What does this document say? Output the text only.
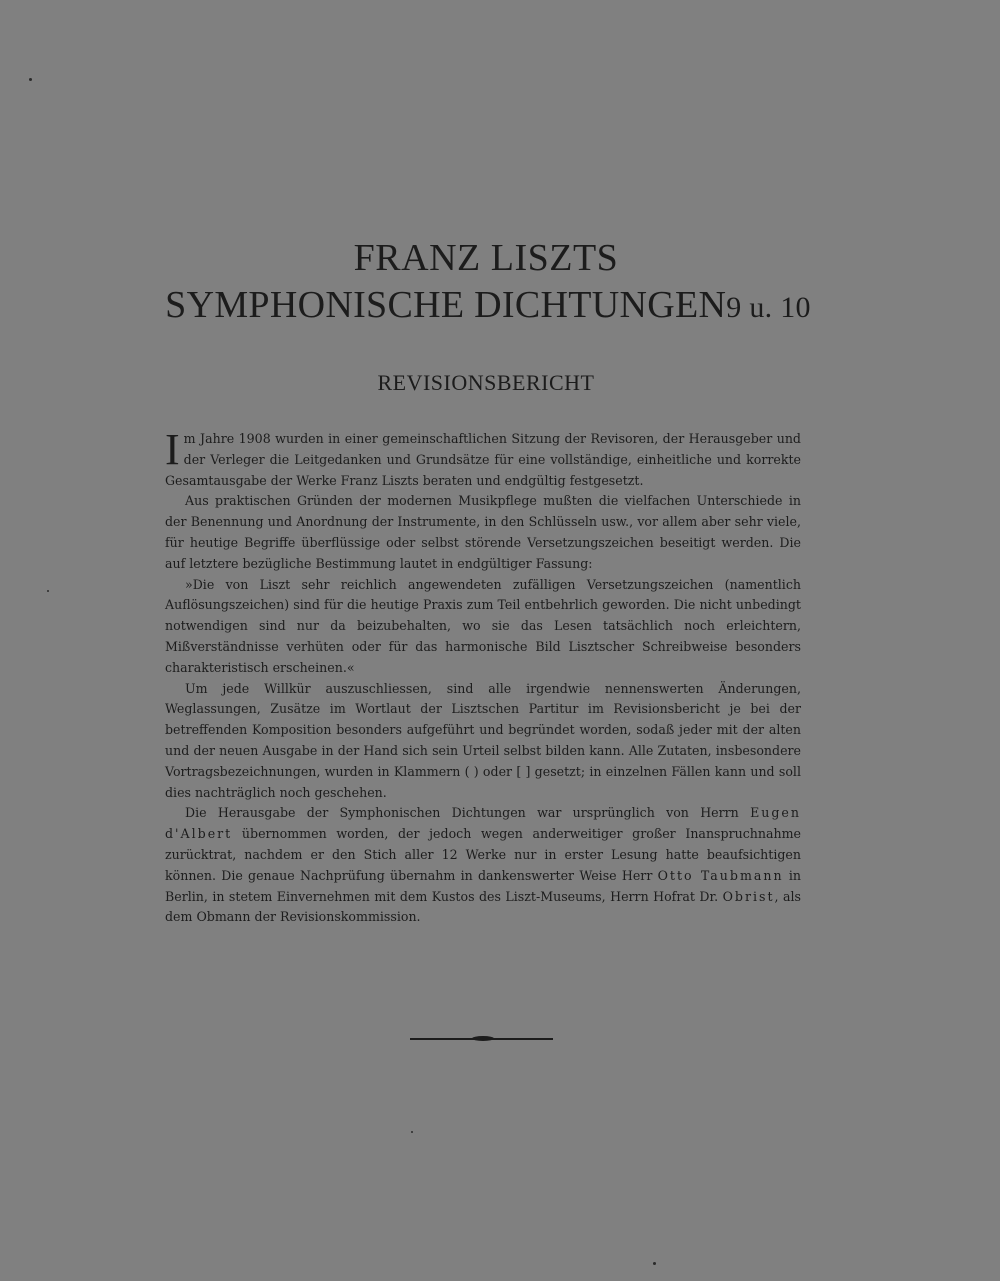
FRANZ LISZTS
SYMPHONISCHE DICHTUNGEN9 u. 10
REVISIONSBERICHT

Im Jahre 1908 wurden in einer gemeinschaftlichen Sitzung der Revisoren, der Herausgeber und der Verleger die Leitgedanken und Grundsätze für eine vollständige, einheitliche und korrekte Gesamtausgabe der Werke Franz Liszts beraten und endgültig festgesetzt.

Aus praktischen Gründen der modernen Musikpflege mußten die vielfachen Unterschiede in der Benennung und Anordnung der Instrumente, in den Schlüsseln usw., vor allem aber sehr viele, für heutige Begriffe überflüssige oder selbst störende Versetzungszeichen beseitigt werden. Die auf letztere bezügliche Bestimmung lautet in endgültiger Fassung:

»Die von Liszt sehr reichlich angewendeten zufälligen Versetzungszeichen (namentlich Auflösungszeichen) sind für die heutige Praxis zum Teil entbehrlich geworden. Die nicht unbedingt notwendigen sind nur da beizubehalten, wo sie das Lesen tatsächlich noch erleichtern, Mißverständnisse verhüten oder für das harmonische Bild Lisztscher Schreibweise besonders charakteristisch erscheinen.«

Um jede Willkür auszuschliessen, sind alle irgendwie nennenswerten Änderungen, Weglassungen, Zusätze im Wortlaut der Lisztschen Partitur im Revisionsbericht je bei der betreffenden Komposition besonders aufgeführt und begründet worden, sodaß jeder mit der alten und der neuen Ausgabe in der Hand sich sein Urteil selbst bilden kann. Alle Zutaten, insbesondere Vortragsbezeichnungen, wurden in Klammern ( ) oder [ ] gesetzt; in einzelnen Fällen kann und soll dies nachträglich noch geschehen.

Die Herausgabe der Symphonischen Dichtungen war ursprünglich von Herrn Eugen d'Albert übernommen worden, der jedoch wegen anderweitiger großer Inanspruchnahme zurücktrat, nachdem er den Stich aller 12 Werke nur in erster Lesung hatte beaufsichtigen können. Die genaue Nachprüfung übernahm in dankenswerter Weise Herr Otto Taubmann in Berlin, in stetem Einvernehmen mit dem Kustos des Liszt-Museums, Herrn Hofrat Dr. Obrist, als dem Obmann der Revisionskommission.
